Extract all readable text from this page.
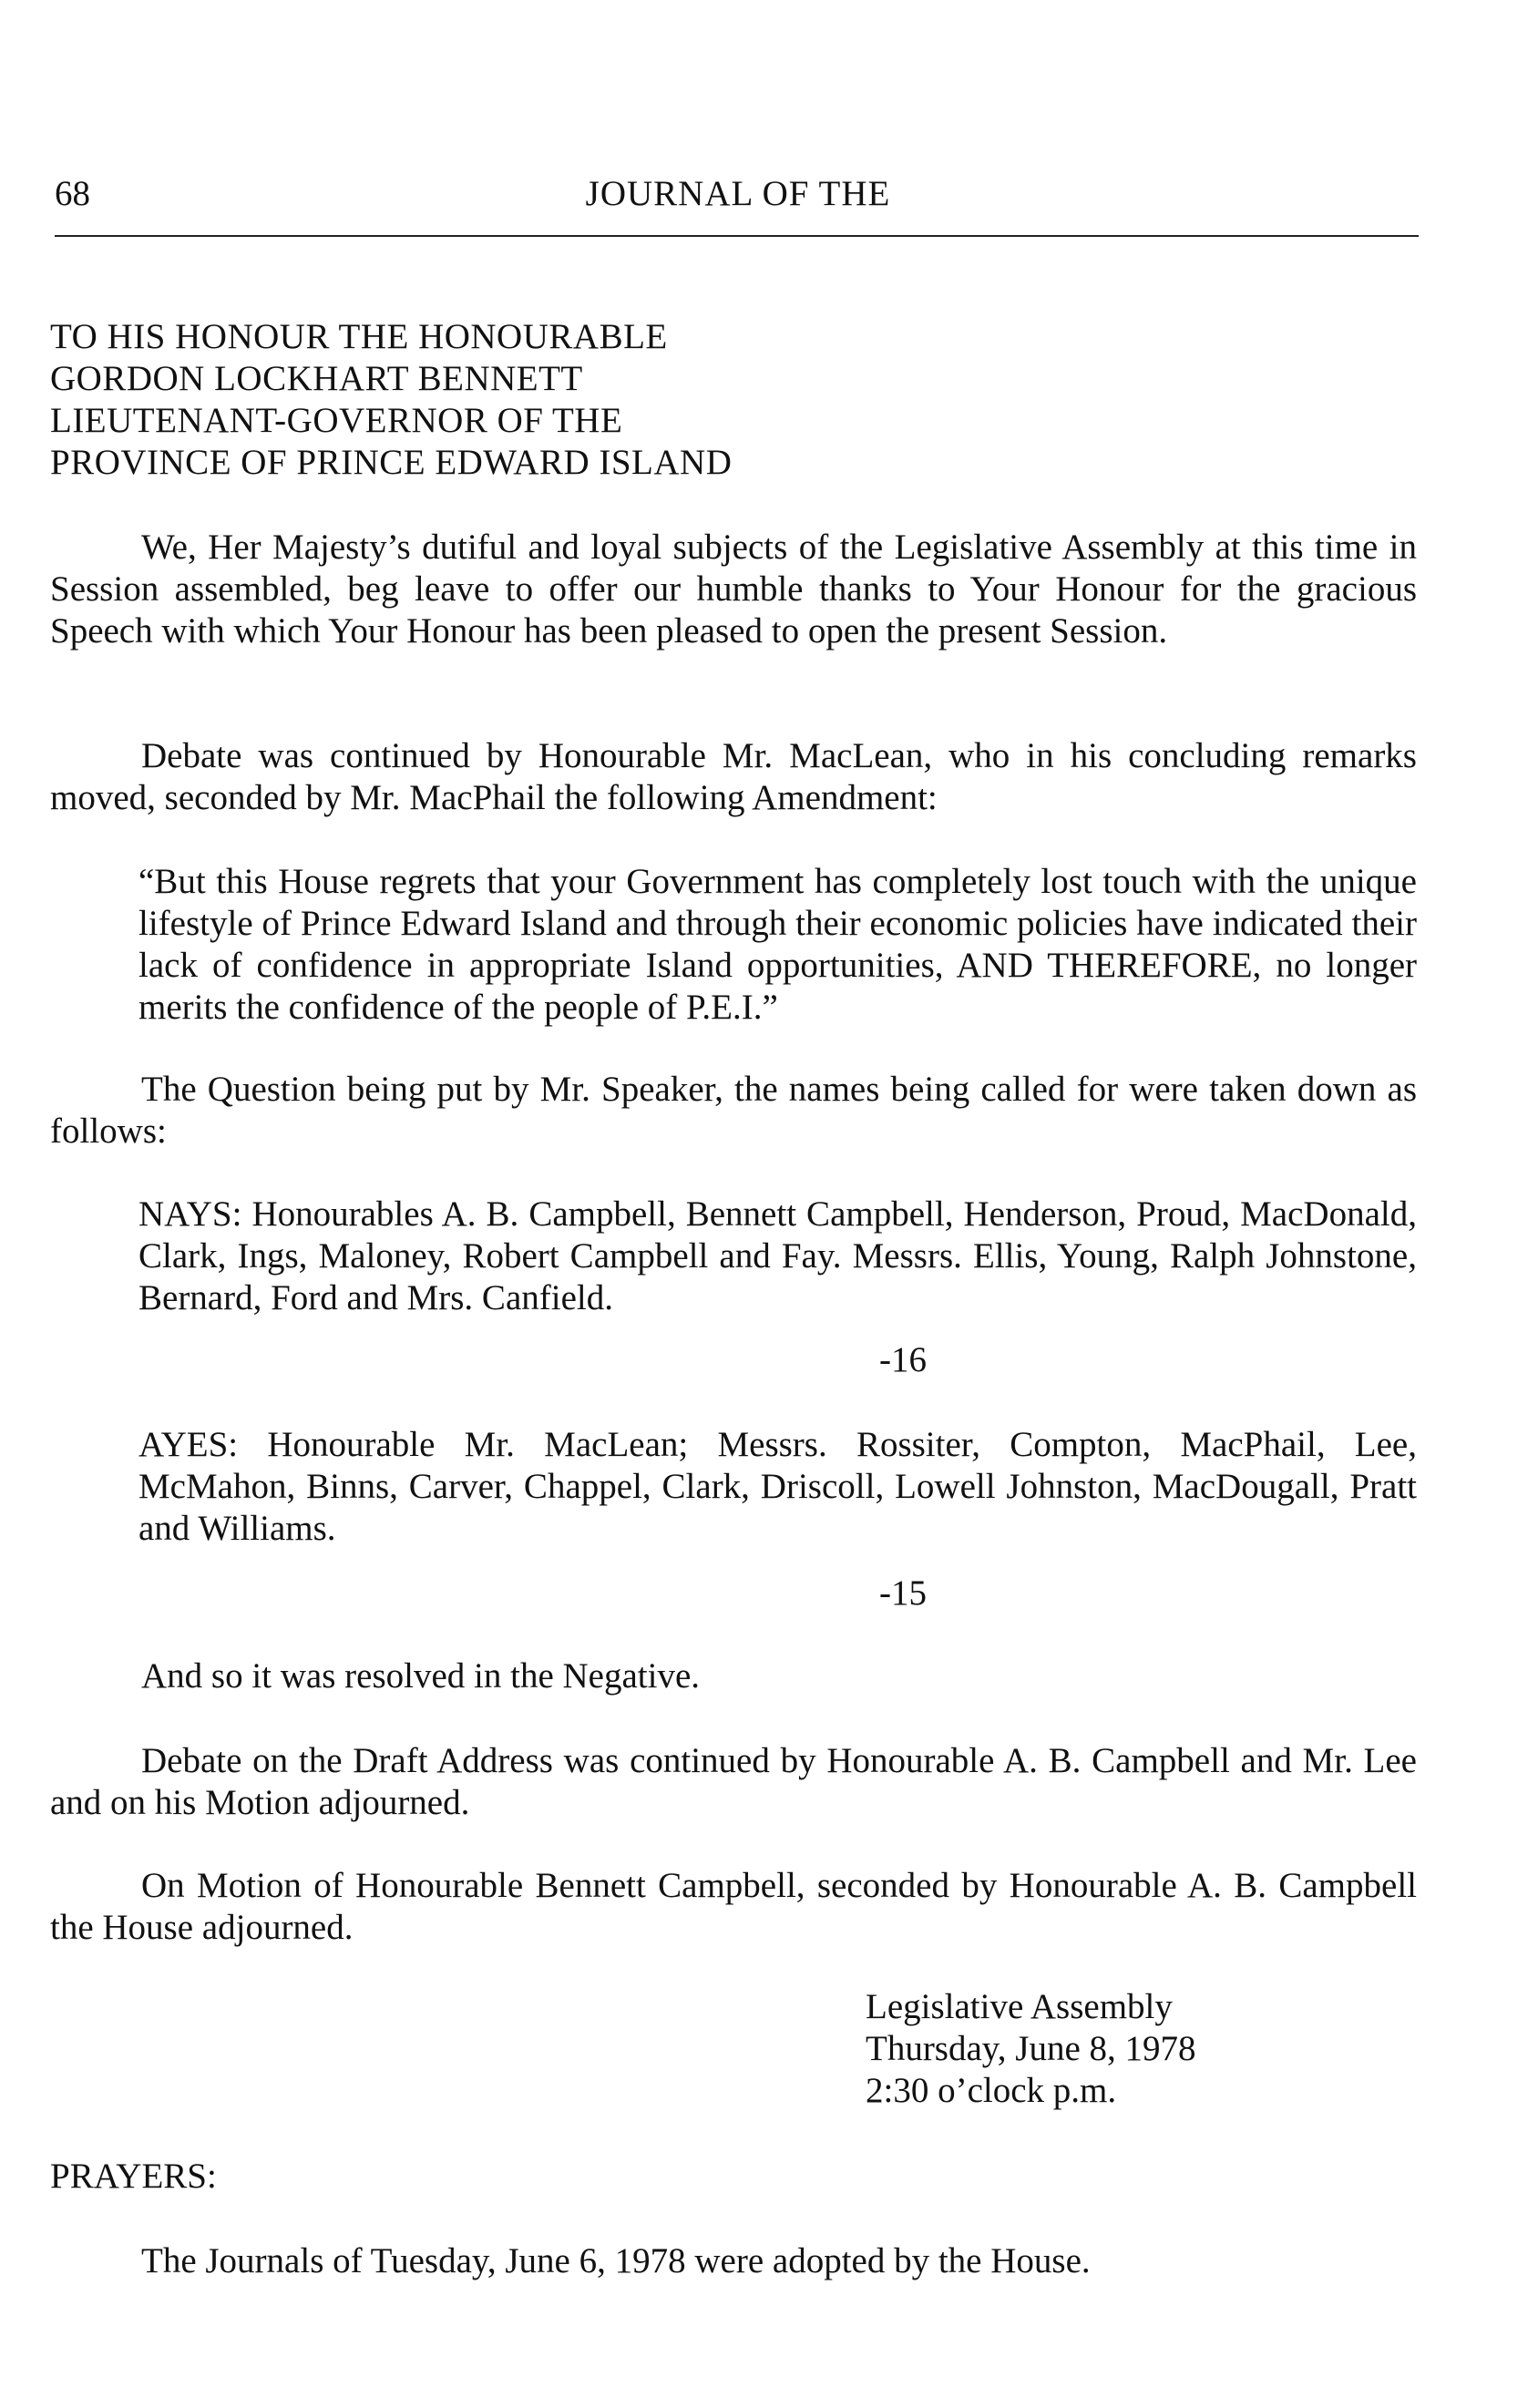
68	JOURNAL OF THE
TO HIS HONOUR THE HONOURABLE
GORDON LOCKHART BENNETT
LIEUTENANT-GOVERNOR OF THE
PROVINCE OF PRINCE EDWARD ISLAND

We, Her Majesty’s dutiful and loyal subjects of the Legislative Assembly at this time in Session assembled, beg leave to offer our humble thanks to Your Honour for the gracious Speech with which Your Honour has been pleased to open the present Session.

Debate was continued by Honourable Mr. MacLean, who in his concluding remarks moved, seconded by Mr. MacPhail the following Amendment:

“But this House regrets that your Government has completely lost touch with the unique lifestyle of Prince Edward Island and through their economic policies have indicated their lack of confidence in appropriate Island opportunities, AND THEREFORE, no longer merits the confidence of the people of P.E.I.”

The Question being put by Mr. Speaker, the names being called for were taken down as follows:

NAYS: Honourables A. B. Campbell, Bennett Campbell, Henderson, Proud, MacDonald, Clark, Ings, Maloney, Robert Campbell and Fay. Messrs. Ellis, Young, Ralph Johnstone, Bernard, Ford and Mrs. Canfield.

-16

AYES: Honourable Mr. MacLean; Messrs. Rossiter, Compton, MacPhail, Lee, McMahon, Binns, Carver, Chappel, Clark, Driscoll, Lowell Johnston, MacDougall, Pratt and Williams.

-15

And so it was resolved in the Negative.

Debate on the Draft Address was continued by Honourable A. B. Campbell and Mr. Lee and on his Motion adjourned.

On Motion of Honourable Bennett Campbell, seconded by Honourable A. B. Campbell the House adjourned.

Legislative Assembly
Thursday, June 8, 1978
2:30 o’clock p.m.
PRAYERS:

The Journals of Tuesday, June 6, 1978 were adopted by the House.
